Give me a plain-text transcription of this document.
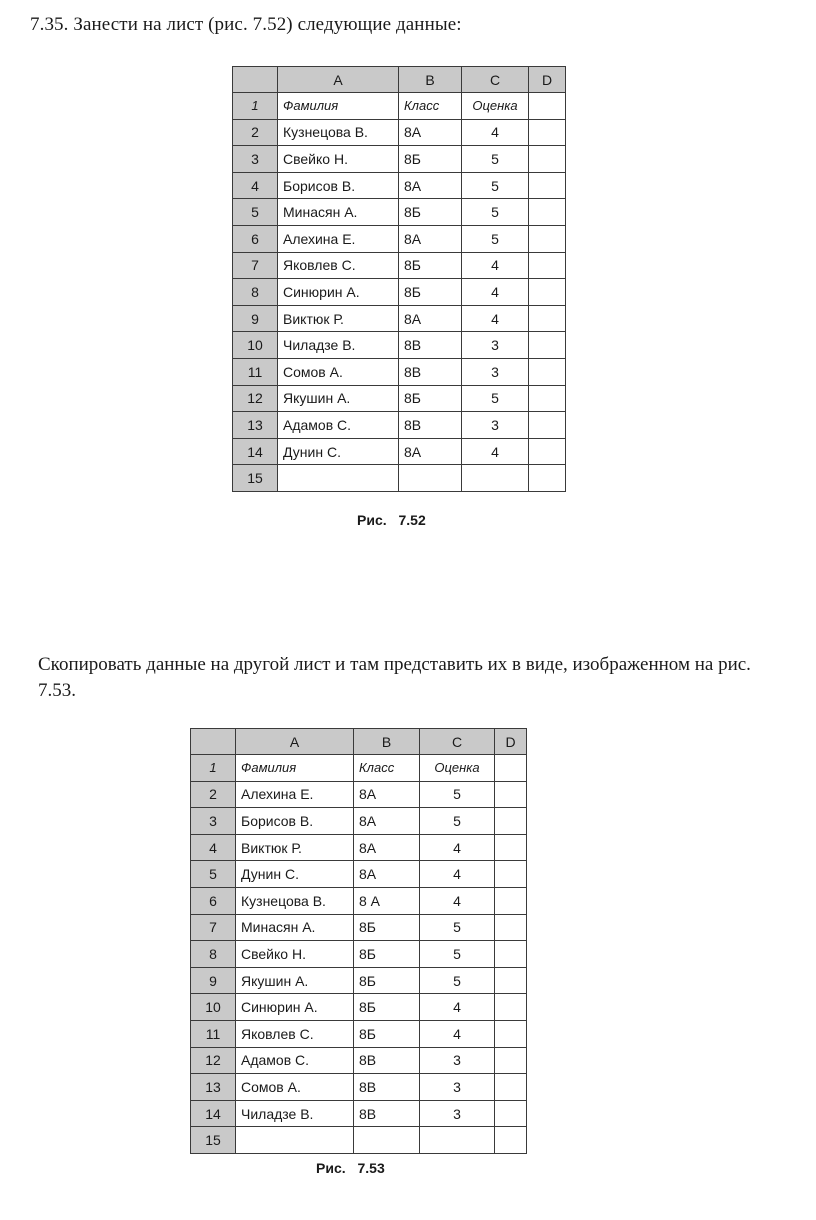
7.35. Занести на лист (рис. 7.52) следующие данные:

	A	B	C	D
1	Фамилия	Класс	Оценка	
2	Кузнецова В.	8А	4	
3	Свейко Н.	8Б	5	
4	Борисов В.	8А	5	
5	Минасян А.	8Б	5	
6	Алехина Е.	8А	5	
7	Яковлев С.	8Б	4	
8	Синюрин А.	8Б	4	
9	Виктюк Р.	8А	4	
10	Чиладзе В.	8В	3	
11	Сомов А.	8В	3	
12	Якушин А.	8Б	5	
13	Адамов С.	8В	3	
14	Дунин С.	8А	4	
15				

Рис. 7.52

Скопировать данные на другой лист и там представить их в виде, изображенном на рис. 7.53.

	A	B	C	D
1	Фамилия	Класс	Оценка	
2	Алехина Е.	8А	5	
3	Борисов В.	8А	5	
4	Виктюк Р.	8А	4	
5	Дунин С.	8А	4	
6	Кузнецова В.	8 А	4	
7	Минасян А.	8Б	5	
8	Свейко Н.	8Б	5	
9	Якушин А.	8Б	5	
10	Синюрин А.	8Б	4	
11	Яковлев С.	8Б	4	
12	Адамов С.	8В	3	
13	Сомов А.	8В	3	
14	Чиладзе В.	8В	3	
15				

Рис. 7.53
